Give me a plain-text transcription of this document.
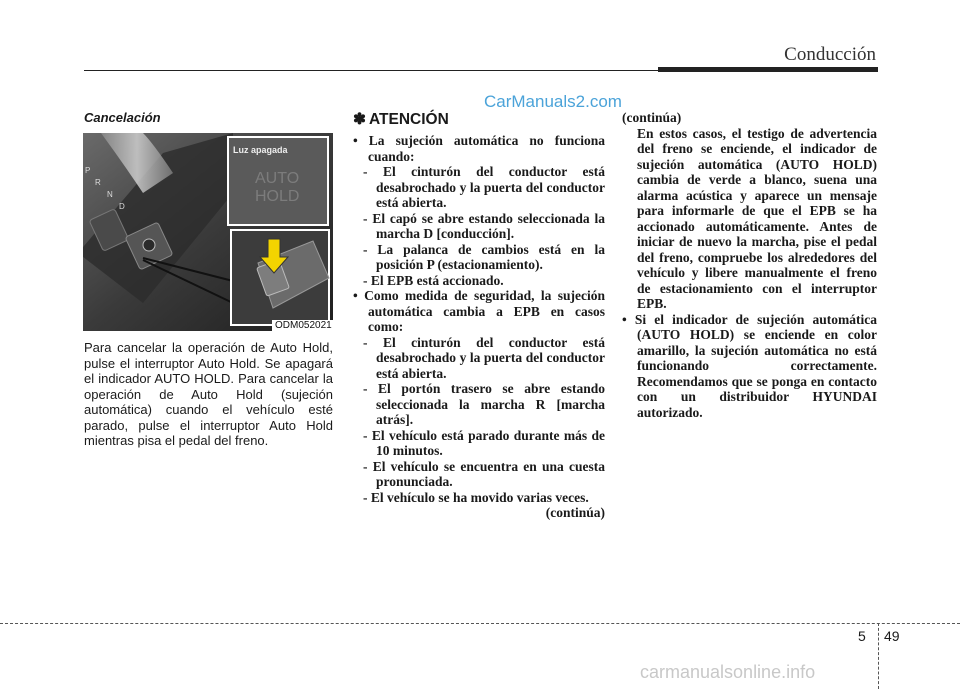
Conducción
CarManuals2.com
Cancelación
P
R
N
D
Luz apagada
AUTO
HOLD
ODM052021
Para cancelar la operación de Auto Hold, pulse el interruptor Auto Hold. Se apagará el indicador AUTO HOLD. Para cancelar la operación de Auto Hold (sujeción automática) cuando el vehículo esté parado, pulse el interruptor Auto Hold mientras pisa el pedal del freno.
✽ ATENCIÓN
• La sujeción automática no funciona cuando:
- El cinturón del conductor está desabrochado y la puerta del conductor está abierta.
- El capó se abre estando seleccionada la marcha D [conducción].
- La palanca de cambios está en la posición P (estacionamiento).
- El EPB está accionado.
• Como medida de seguridad, la sujeción automática cambia a EPB en casos como:
- El cinturón del conductor está desabrochado y la puerta del conductor está abierta.
- El portón trasero se abre estando seleccionada la marcha R [marcha atrás].
- El vehículo está parado durante más de 10 minutos.
- El vehículo se encuentra en una cuesta pronunciada.
- El vehículo se ha movido varias veces.
(continúa)
(continúa)
En estos casos, el testigo de advertencia del freno se enciende, el indicador de sujeción automática (AUTO HOLD) cambia de verde a blanco, suena una alarma acústica y aparece un mensaje para informarle de que el EPB se ha accionado automáticamente. Antes de iniciar de nuevo la marcha, pise el pedal del freno, compruebe los alrededores del vehículo y libere manualmente el freno de estacionamiento con el interruptor EPB.
• Si el indicador de sujeción automática (AUTO HOLD) se enciende en color amarillo, la sujeción automática no está funcionando correctamente. Recomendamos que se ponga en contacto con un distribuidor HYUNDAI autorizado.
5 49
carmanualsonline.info
